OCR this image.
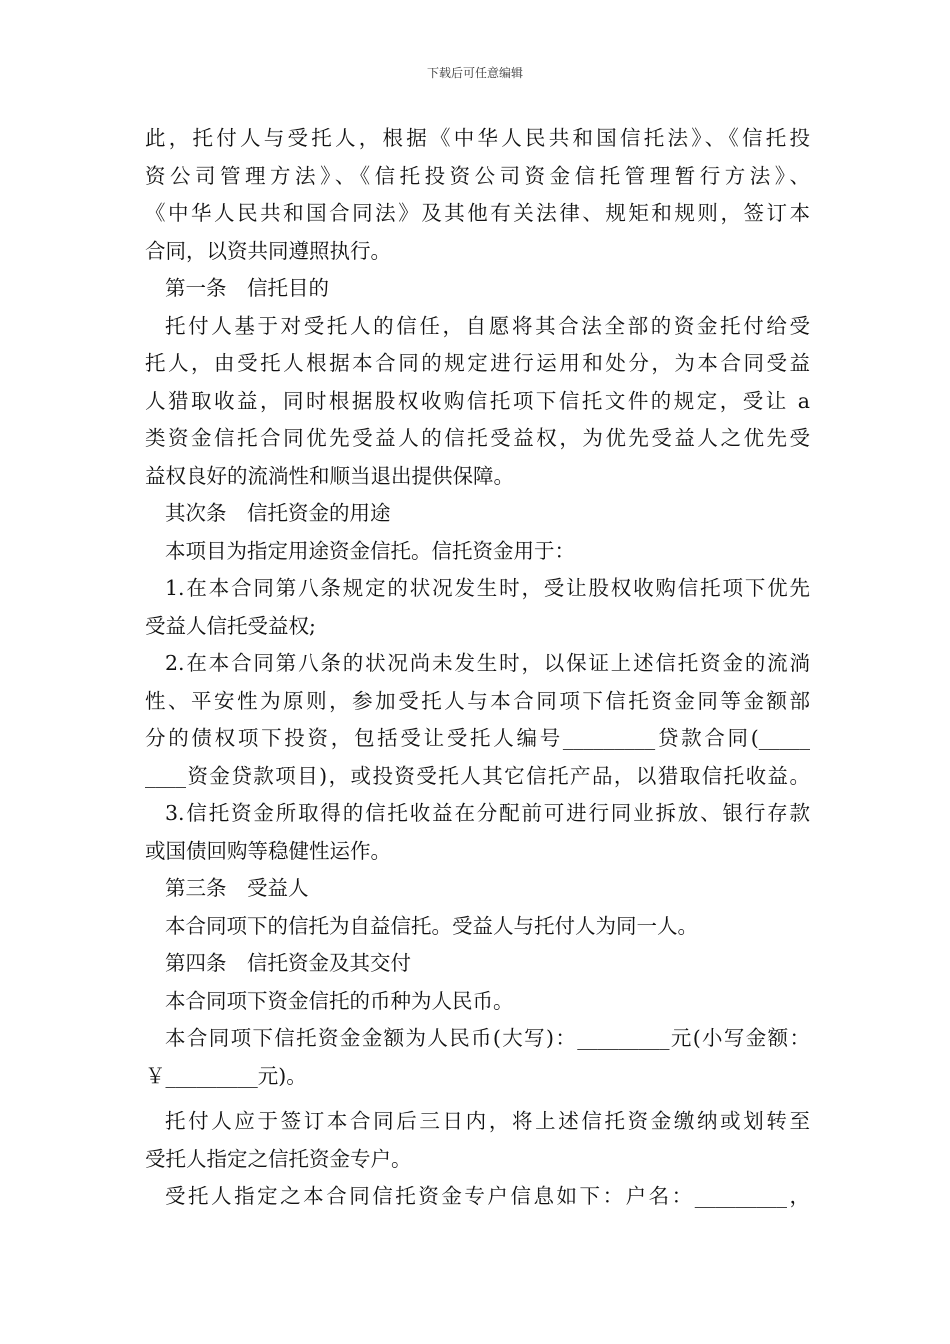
下载后可任意编辑
此，托付人与受托人，根据《中华人民共和国信托法》、《信托投
资公司管理方法》、《信托投资公司资金信托管理暂行方法》、
《中华人民共和国合同法》及其他有关法律、规矩和规则，签订本
合同，以资共同遵照执行。
第一条　信托目的
托付人基于对受托人的信任，自愿将其合法全部的资金托付给受
托人，由受托人根据本合同的规定进行运用和处分，为本合同受益
人猎取收益，同时根据股权收购信托项下信托文件的规定，受让 a
类资金信托合同优先受益人的信托受益权，为优先受益人之优先受
益权良好的流淌性和顺当退出提供保障。
其次条　信托资金的用途
本项目为指定用途资金信托。信托资金用于：
1.在本合同第八条规定的状况发生时，受让股权收购信托项下优先
受益人信托受益权;
2.在本合同第八条的状况尚未发生时，以保证上述信托资金的流淌
性、平安性为原则，参加受托人与本合同项下信托资金同等金额部
分的债权项下投资，包括受让受托人编号_________贷款合同(_____
____资金贷款项目)，或投资受托人其它信托产品，以猎取信托收益。
3.信托资金所取得的信托收益在分配前可进行同业拆放、银行存款
或国债回购等稳健性运作。
第三条　受益人
本合同项下的信托为自益信托。受益人与托付人为同一人。
第四条　信托资金及其交付
本合同项下资金信托的币种为人民币。
本合同项下信托资金金额为人民币(大写)：_________元(小写金额：
￥_________元)。
托付人应于签订本合同后三日内，将上述信托资金缴纳或划转至
受托人指定之信托资金专户。
受托人指定之本合同信托资金专户信息如下：户名：_________，
